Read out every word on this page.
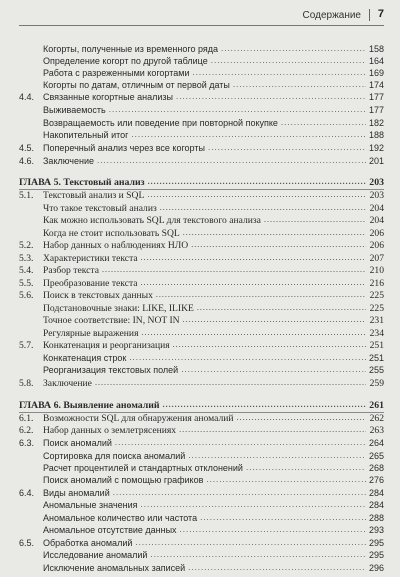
Содержание 7
Когорты, полученные из временного ряда .....	158
Определение когорт по другой таблице .....	164
Работа с разреженными когортами .....	169
Когорты по датам, отличным от первой даты .....	174
4.4. Связанные когортные анализы .....	177
Выживаемость .....	177
Возвращаемость или поведение при повторной покупке .....	182
Накопительный итог .....	188
4.5. Поперечный анализ через все когорты .....	192
4.6. Заключение .....	201
ГЛАВА 5. Текстовый анализ .....	203
5.1.	Текстовый анализ и SQL .....	203
Что такое текстовый анализ .....	204
Как можно использовать SQL для текстового анализа .....	204
Когда не стоит использовать SQL .....	206
5.2.	Набор данных о наблюдениях НЛО .....	206
5.3.	Характеристики текста .....	207
5.4.	Разбор текста .....	210
5.5.	Преобразование текста .....	216
5.6.	Поиск в текстовых данных .....	225
Подстановочные знаки: LIKE, ILIKE .....	225
Точное соответствие: IN, NOT IN .....	231
Регулярные выражения .....	234
5.7.	Конкатенация и реорганизация .....	251
Конкатенация строк .....	251
Реорганизация текстовых полей .....	255
5.8.	Заключение .....	259
ГЛАВА 6. Выявление аномалий .....	261
6.1.	Возможности SQL для обнаружения аномалий .....	262
6.2.	Набор данных о землетрясениях .....	263
6.3. Поиск аномалий .....	264
Сортировка для поиска аномалий .....	265
Расчет процентилей и стандартных отклонений .....	268
Поиск аномалий с помощью графиков .....	276
6.4. Виды аномалий .....	284
Аномальные значения .....	284
Аномальное количество или частота .....	288
Аномальное отсутствие данных .....	293
6.5. Обработка аномалий .....	295
Исследование аномалий .....	295
Исключение аномальных записей .....	296
